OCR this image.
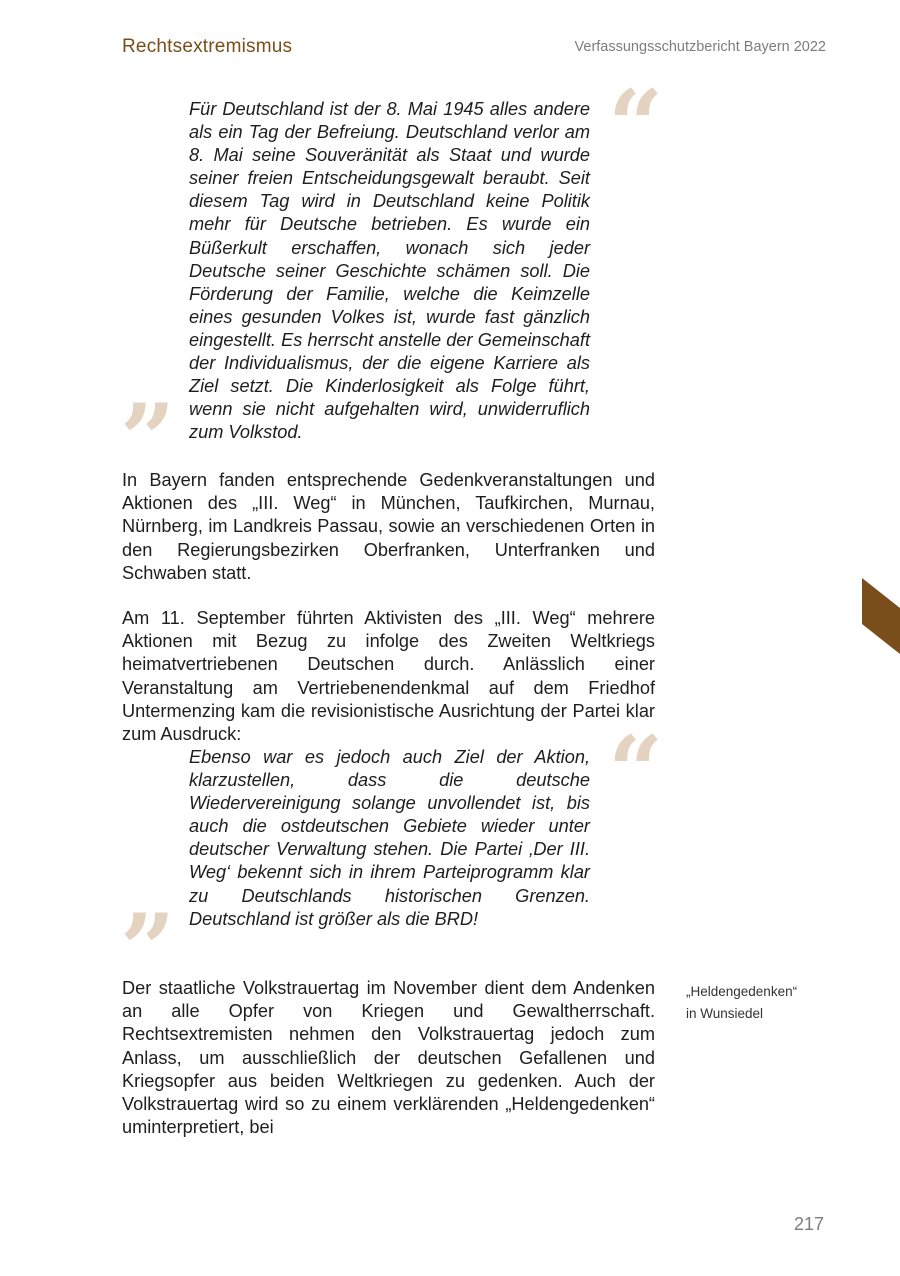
Rechtsextremismus	Verfassungsschutzbericht Bayern 2022
“

Für Deutschland ist der 8. Mai 1945 alles andere als ein Tag der Befreiung. Deutschland verlor am 8. Mai seine Souveränität als Staat und wurde seiner freien Entscheidungsgewalt beraubt. Seit diesem Tag wird in Deutschland keine Politik mehr für Deutsche betrieben. Es wurde ein Büßerkult erschaffen, wonach sich jeder Deutsche seiner Geschichte schämen soll. Die Förderung der Familie, welche die Keimzelle eines gesunden Volkes ist, wurde fast gänzlich eingestellt. Es herrscht anstelle der Gemeinschaft der Individualismus, der die eigene Karriere als Ziel setzt. Die Kinderlosigkeit als Folge führt, wenn sie nicht aufgehalten wird, unwiderruflich zum Volkstod.

”

In Bayern fanden entsprechende Gedenkveranstaltungen und Aktionen des „III. Weg“ in München, Taufkirchen, Murnau, Nürnberg, im Landkreis Passau, sowie an verschiedenen Orten in den Regierungsbezirken Oberfranken, Unterfranken und Schwaben statt.

Am 11. September führten Aktivisten des „III. Weg“ mehrere Aktionen mit Bezug zu infolge des Zweiten Weltkriegs heimatvertriebenen Deutschen durch. Anlässlich einer Veranstaltung am Vertriebenendenkmal auf dem Friedhof Untermenzing kam die revisionistische Ausrichtung der Partei klar zum Ausdruck:	“

Ebenso war es jedoch auch Ziel der Aktion, klarzustellen, dass die deutsche Wiedervereinigung solange unvollendet ist, bis auch die ostdeutschen Gebiete wieder unter deutscher Verwaltung stehen. Die Partei ‚Der III. Weg‘ bekennt sich in ihrem Parteiprogramm klar zu Deutschlands historischen Grenzen. Deutschland ist größer als die BRD!

”

Der staatliche Volkstrauertag im November dient dem Andenken an alle Opfer von Kriegen und Gewaltherrschaft. Rechtsextremisten nehmen den Volkstrauertag jedoch zum Anlass, um ausschließlich der deutschen Gefallenen und Kriegsopfer aus beiden Weltkriegen zu gedenken. Auch der Volkstrauertag wird so zu einem verklärenden „Heldengedenken“ uminterpretiert, bei

„Heldengedenken“
in Wunsiedel
217
